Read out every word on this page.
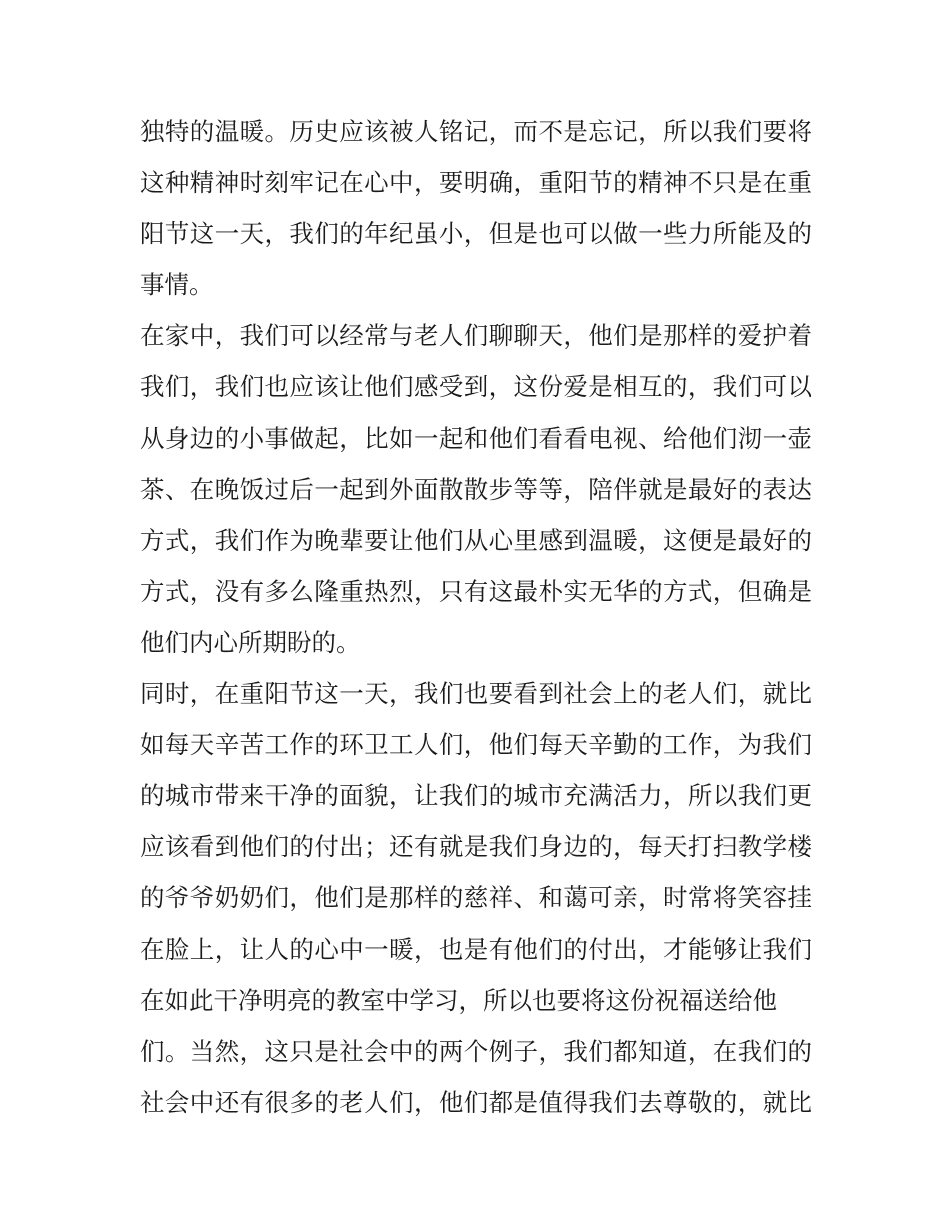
独特的温暖。历史应该被人铭记，而不是忘记，所以我们要将
这种精神时刻牢记在心中，要明确，重阳节的精神不只是在重
阳节这一天，我们的年纪虽小，但是也可以做一些力所能及的
事情。
在家中，我们可以经常与老人们聊聊天，他们是那样的爱护着
我们，我们也应该让他们感受到，这份爱是相互的，我们可以
从身边的小事做起，比如一起和他们看看电视、给他们沏一壶
茶、在晚饭过后一起到外面散散步等等，陪伴就是最好的表达
方式，我们作为晚辈要让他们从心里感到温暖，这便是最好的
方式，没有多么隆重热烈，只有这最朴实无华的方式，但确是
他们内心所期盼的。
同时，在重阳节这一天，我们也要看到社会上的老人们，就比
如每天辛苦工作的环卫工人们，他们每天辛勤的工作，为我们
的城市带来干净的面貌，让我们的城市充满活力，所以我们更
应该看到他们的付出；还有就是我们身边的，每天打扫教学楼
的爷爷奶奶们，他们是那样的慈祥、和蔼可亲，时常将笑容挂
在脸上，让人的心中一暖，也是有他们的付出，才能够让我们
在如此干净明亮的教室中学习，所以也要将这份祝福送给他
们。当然，这只是社会中的两个例子，我们都知道，在我们的
社会中还有很多的老人们，他们都是值得我们去尊敬的，就比
